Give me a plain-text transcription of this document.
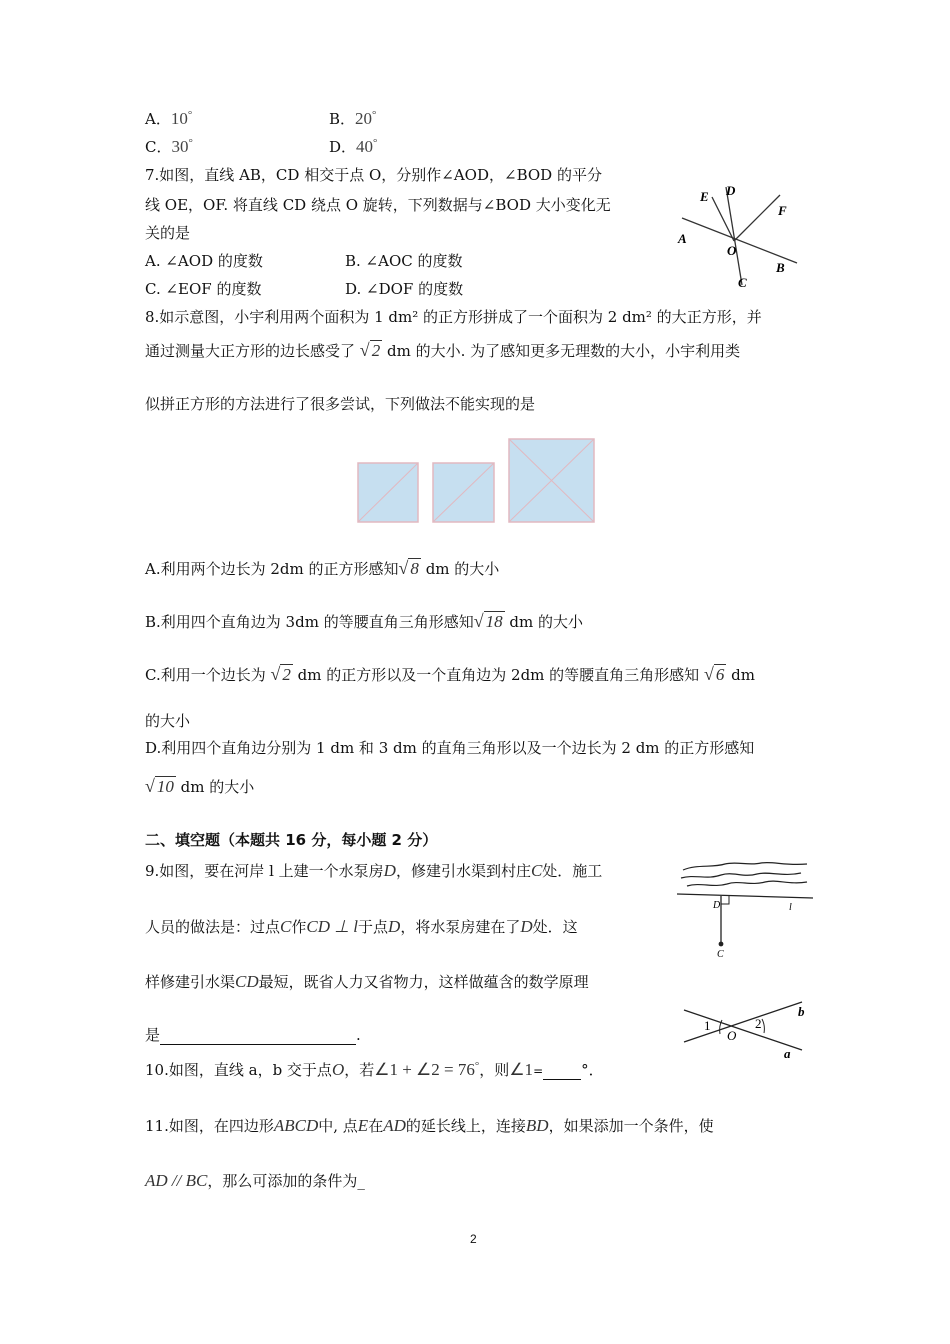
A．10°	B．20°
C．30°	D．40°
7.如图，直线 AB，CD 相交于点 O，分别作∠AOD，∠BOD 的平分
线 OE，OF. 将直线 CD 绕点 O 旋转，下列数据与∠BOD 大小变化无
关的是
A. ∠AOD 的度数	B. ∠AOC 的度数
C. ∠EOF 的度数	D. ∠DOF 的度数
E D
F
A
O
B
C
8.如示意图，小宇利用两个面积为 1 dm² 的正方形拼成了一个面积为 2 dm² 的大正方形，并
通过测量大正方形的边长感受了 √ 2 dm 的大小. 为了感知更多无理数的大小，小宇利用类
似拼正方形的方法进行了很多尝试，下列做法不能实现的是
A.利用两个边长为 2dm 的正方形感知√ 8 dm 的大小
B.利用四个直角边为 3dm 的等腰直角三角形感知√ 18 dm 的大小
C.利用一个边长为 √ 2 dm 的正方形以及一个直角边为 2dm 的等腰直角三角形感知 √ 6 dm
的大小
D.利用四个直角边分别为 1 dm 和 3 dm 的直角三角形以及一个边长为 2 dm 的正方形感知
√ 10 dm 的大小
二、填空题（本题共 16 分，每小题 2 分）
9.如图，要在河岸 l 上建一个水泵房D，修建引水渠到村庄C处．施工
人员的做法是：过点C作CD ⊥ l于点D，将水泵房建在了D处．这
样修建引水渠CD最短，既省人力又省物力，这样做蕴含的数学原理
是	.
D	l
C
10.如图，直线 a，b 交于点O，若∠1 + ∠2 = 76°，则∠1=	°．
1
O
2
b
a
11.如图，在四边形ABCD中, 点E在AD的延长线上，连接BD，如果添加一个条件，使
AD // BC，那么可添加的条件为_
2
